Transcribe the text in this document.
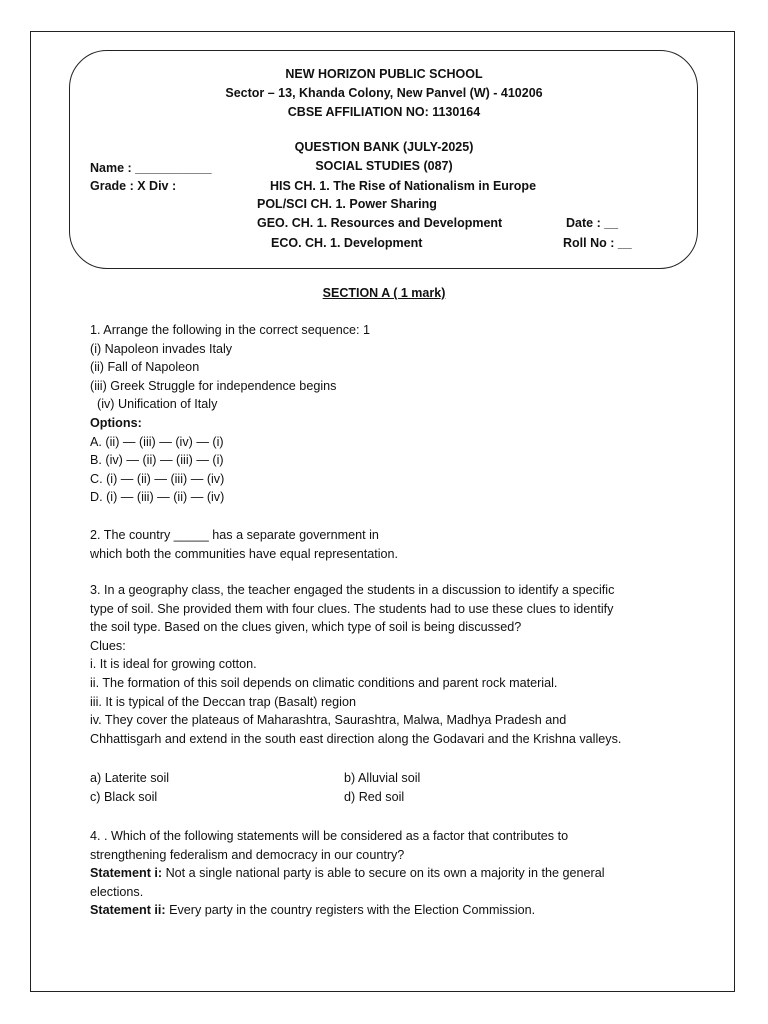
NEW HORIZON PUBLIC SCHOOL
Sector – 13, Khanda Colony, New Panvel (W) - 410206
CBSE AFFILIATION NO: 1130164
QUESTION BANK (JULY-2025)
SOCIAL STUDIES (087)
Name : ___________
Grade : X Div :	HIS CH. 1. The Rise of Nationalism in Europe
POL/SCI CH. 1. Power Sharing
GEO. CH. 1. Resources and Development
ECO. CH. 1. Development
Date : __
Roll No : __
SECTION A ( 1 mark)
1. Arrange the following in the correct sequence: 1
(i) Napoleon invades Italy
(ii) Fall of Napoleon
(iii) Greek Struggle for independence begins
(iv) Unification of Italy
Options:
A. (ii) — (iii) — (iv) — (i)
B. (iv) — (ii) — (iii) — (i)
C. (i) — (ii) — (iii) — (iv)
D. (i) — (iii) — (ii) — (iv)
2. The country _____ has a separate government in
which both the communities have equal representation.
3. In a geography class, the teacher engaged the students in a discussion to identify a specific
type of soil. She provided them with four clues. The students had to use these clues to identify
the soil type. Based on the clues given, which type of soil is being discussed?
Clues:
i. It is ideal for growing cotton.
ii. The formation of this soil depends on climatic conditions and parent rock material.
iii. It is typical of the Deccan trap (Basalt) region
iv. They cover the plateaus of Maharashtra, Saurashtra, Malwa, Madhya Pradesh and
Chhattisgarh and extend in the south east direction along the Godavari and the Krishna valleys.
a) Laterite soil	b) Alluvial soil
c) Black soil	d) Red soil
4. . Which of the following statements will be considered as a factor that contributes to
strengthening federalism and democracy in our country?
Statement i: Not a single national party is able to secure on its own a majority in the general
elections.
Statement ii: Every party in the country registers with the Election Commission.
